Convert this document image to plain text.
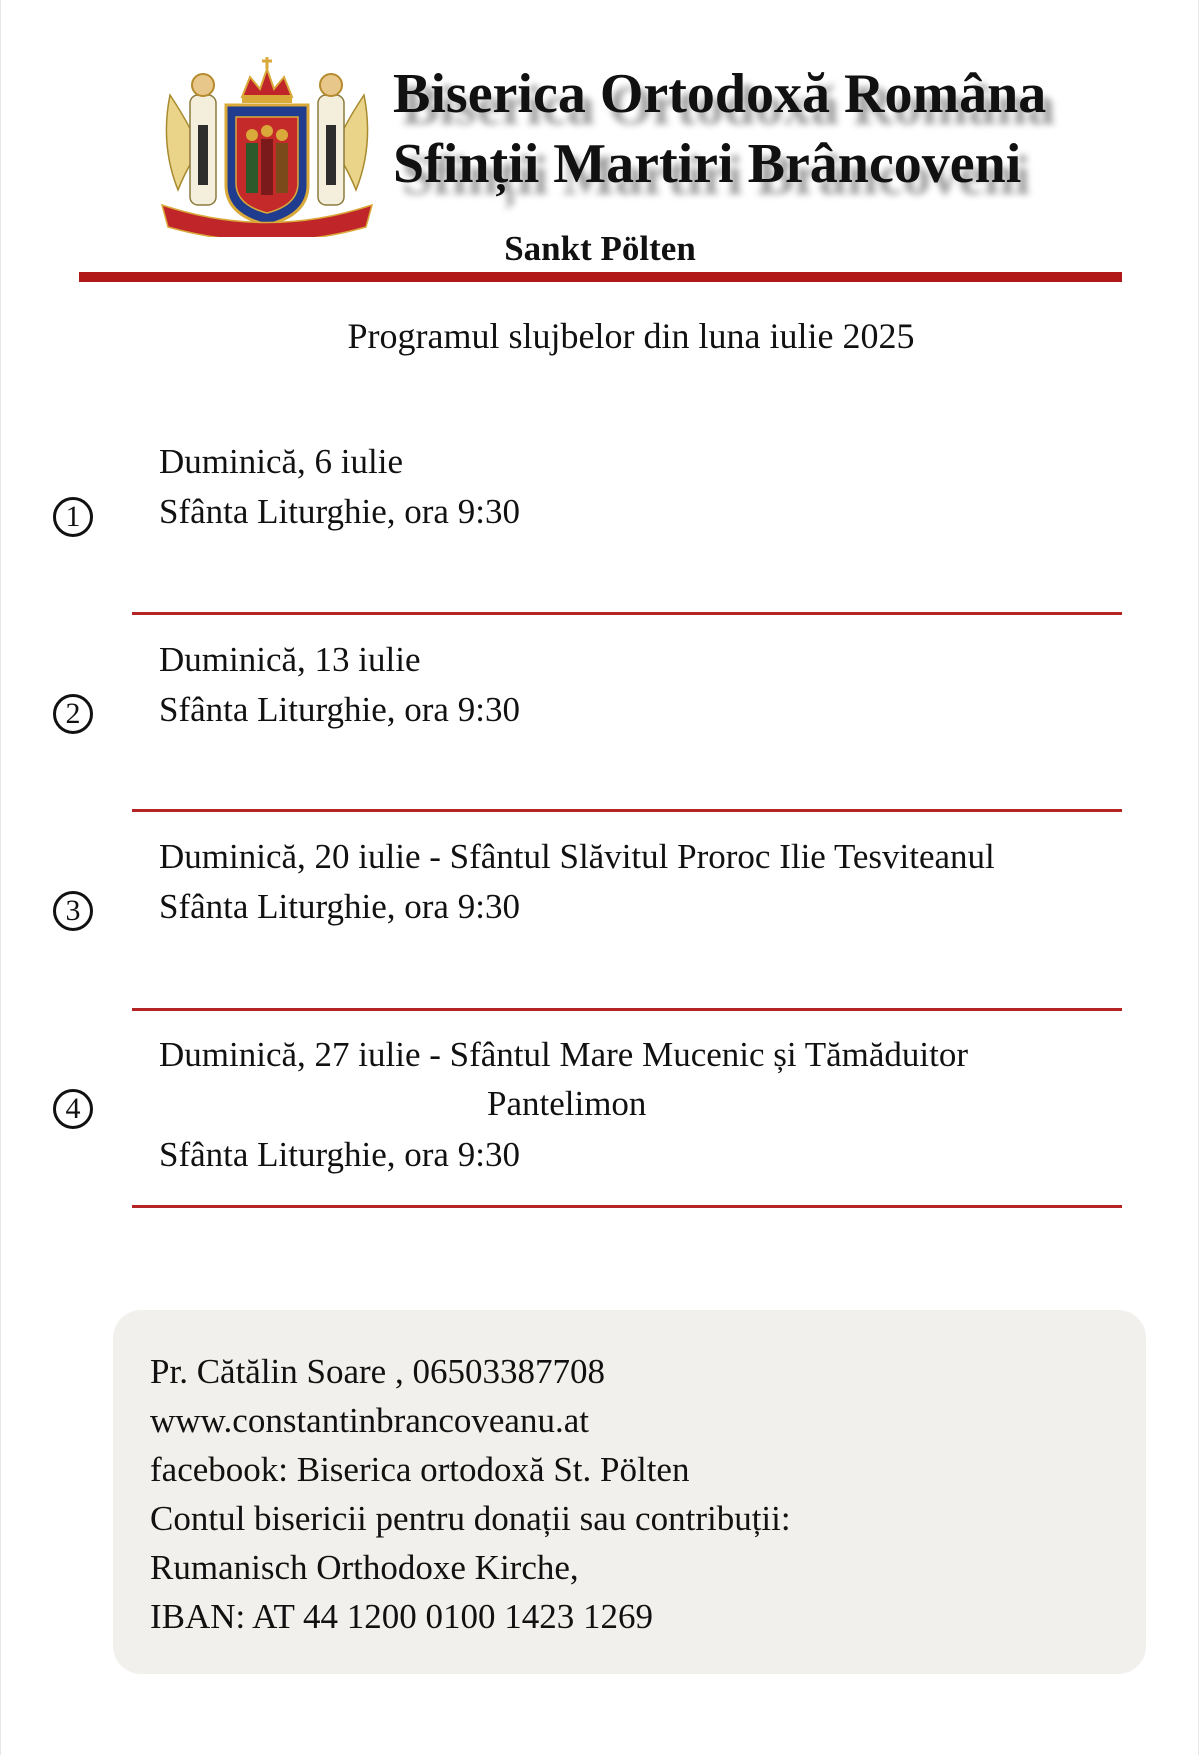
Biserica Ortodoxă Româna
Sfinții Martiri Brâncoveni
Sankt Pölten
Programul slujbelor din luna iulie 2025
1
Duminică, 6 iulie
Sfânta Liturghie, ora 9:30
2
Duminică, 13 iulie
Sfânta Liturghie, ora 9:30
3
Duminică, 20 iulie - Sfântul Slăvitul Proroc Ilie Tesviteanul
Sfânta Liturghie, ora 9:30
4
Duminică, 27 iulie - Sfântul Mare Mucenic și Tămăduitor
Pantelimon
Sfânta Liturghie, ora 9:30
Pr. Cătălin Soare , 06503387708
www.constantinbrancoveanu.at
facebook: Biserica ortodoxă St. Pölten
Contul bisericii pentru donații sau contribuții:
Rumanisch Orthodoxe Kirche,
IBAN: AT 44 1200 0100 1423 1269
